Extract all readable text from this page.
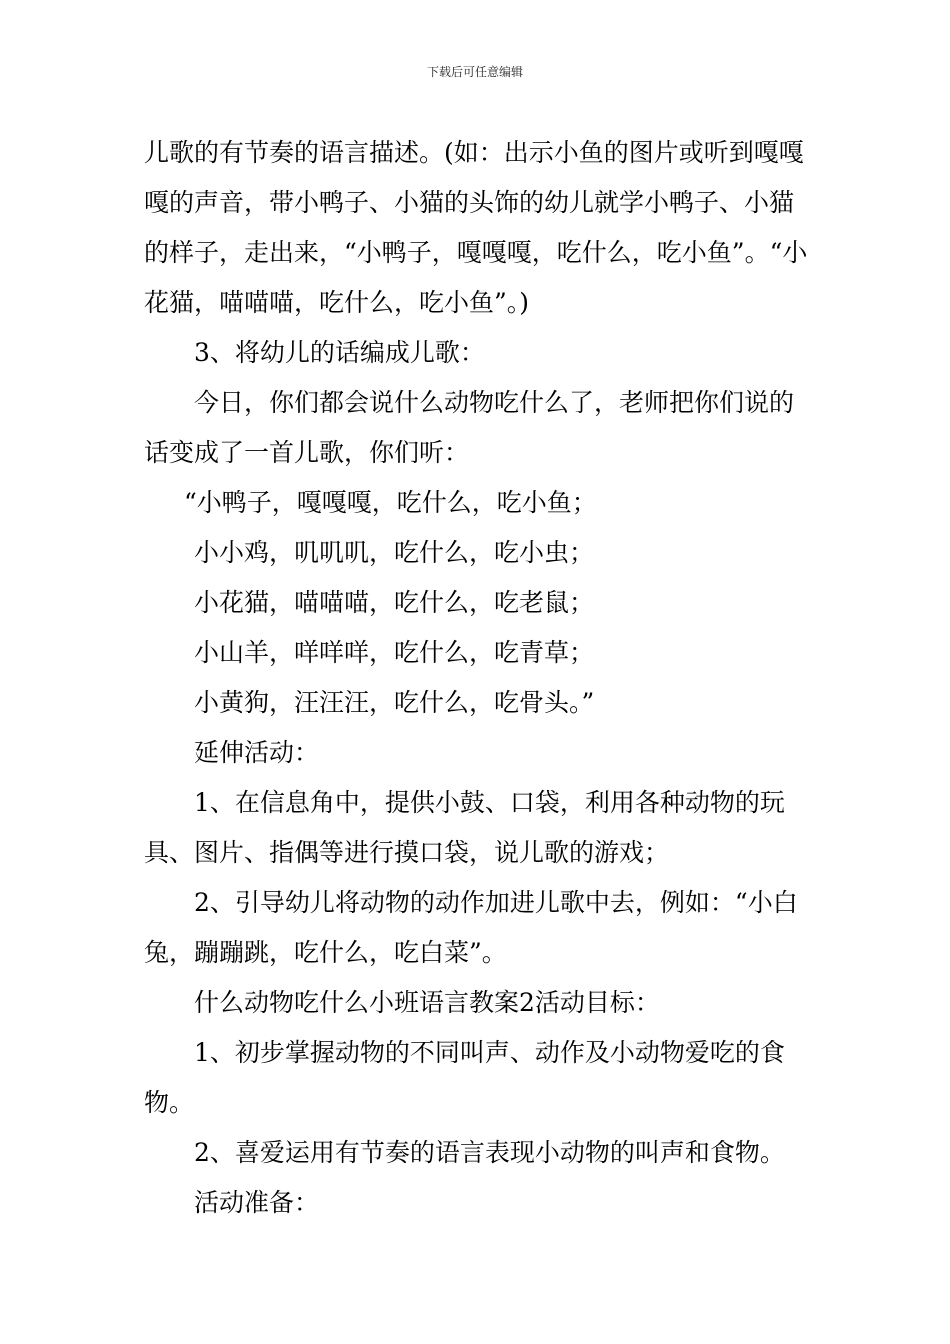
下载后可任意编辑

儿歌的有节奏的语言描述。(如：出示小鱼的图片或听到嘎嘎嘎的声音，带小鸭子、小猫的头饰的幼儿就学小鸭子、小猫的样子，走出来，“小鸭子，嘎嘎嘎，吃什么，吃小鱼”。“小花猫，喵喵喵，吃什么，吃小鱼”。)

3、将幼儿的话编成儿歌：

今日，你们都会说什么动物吃什么了，老师把你们说的话变成了一首儿歌，你们听：

“小鸭子，嘎嘎嘎，吃什么，吃小鱼；

小小鸡，叽叽叽，吃什么，吃小虫；

小花猫，喵喵喵，吃什么，吃老鼠；

小山羊，咩咩咩，吃什么，吃青草；

小黄狗，汪汪汪，吃什么，吃骨头。”

延伸活动：

1、在信息角中，提供小鼓、口袋，利用各种动物的玩具、图片、指偶等进行摸口袋，说儿歌的游戏；

2、引导幼儿将动物的动作加进儿歌中去，例如：“小白兔，蹦蹦跳，吃什么，吃白菜”。

什么动物吃什么小班语言教案2活动目标：

1、初步掌握动物的不同叫声、动作及小动物爱吃的食物。

2、喜爱运用有节奏的语言表现小动物的叫声和食物。

活动准备：
